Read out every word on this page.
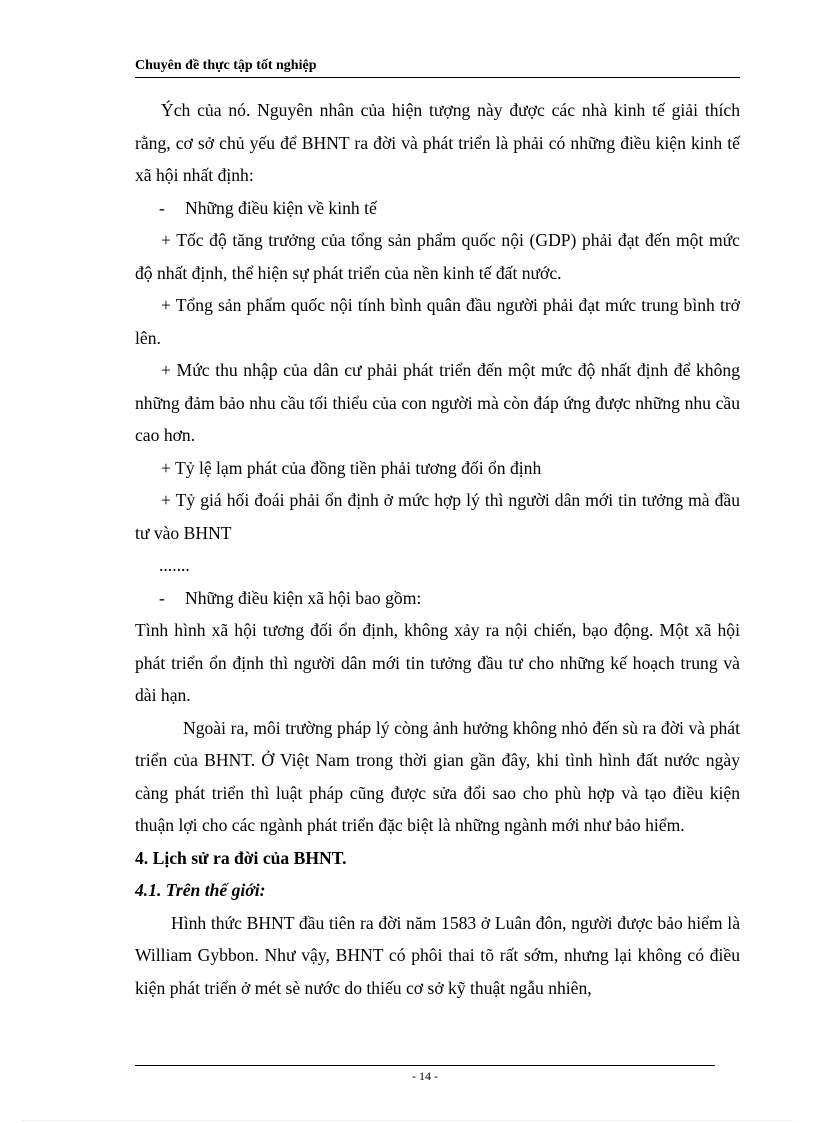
Chuyên đề thực tập tốt nghiệp

Ých của nó. Nguyên nhân của hiện tượng này được các nhà kinh tế giải thích rằng, cơ sở chủ yếu để BHNT ra đời và phát triển là phải có những điều kiện kinh tế xã hội nhất định:

- Những điều kiện về kinh tế

+ Tốc độ tăng trưởng của tổng sản phẩm quốc nội (GDP) phải đạt đến một mức độ nhất định, thể hiện sự phát triển của nền kinh tế đất nước.

+ Tổng sản phẩm quốc nội tính bình quân đầu người phải đạt mức trung bình trở lên.

+ Mức thu nhập của dân cư phải phát triển đến một mức độ nhất định để không những đảm bảo nhu cầu tối thiểu của con người mà còn đáp ứng được những nhu cầu cao hơn.

+ Tỷ lệ lạm phát của đồng tiền phải tương đối ổn định

+ Tỷ giá hối đoái phải ổn định ở mức hợp lý thì người dân mới tin tưởng mà đầu tư vào BHNT

.......

- Những điều kiện xã hội bao gồm:

Tình hình xã hội tương đối ổn định, không xảy ra nội chiến, bạo động. Một xã hội phát triển ổn định thì người dân mới tin tưởng đầu tư cho những kế hoạch trung và dài hạn.

Ngoài ra, môi trường pháp lý còng ảnh hưởng không nhỏ đến sù ra đời và phát triển của BHNT. Ở Việt Nam trong thời gian gần đây, khi tình hình đất nước ngày càng phát triển thì luật pháp cũng được sửa đổi sao cho phù hợp và tạo điều kiện thuận lợi cho các ngành phát triển đặc biệt là những ngành mới như bảo hiểm.

4. Lịch sử ra đời của BHNT.

4.1. Trên thế giới:

Hình thức BHNT đầu tiên ra đời năm 1583 ở Luân đôn, người được bảo hiểm là William Gybbon. Như vậy, BHNT có phôi thai tõ rất sớm, nhưng lại không có điều kiện phát triển ở mét sè nước do thiếu cơ sở kỹ thuật ngẫu nhiên,

- 14 -
